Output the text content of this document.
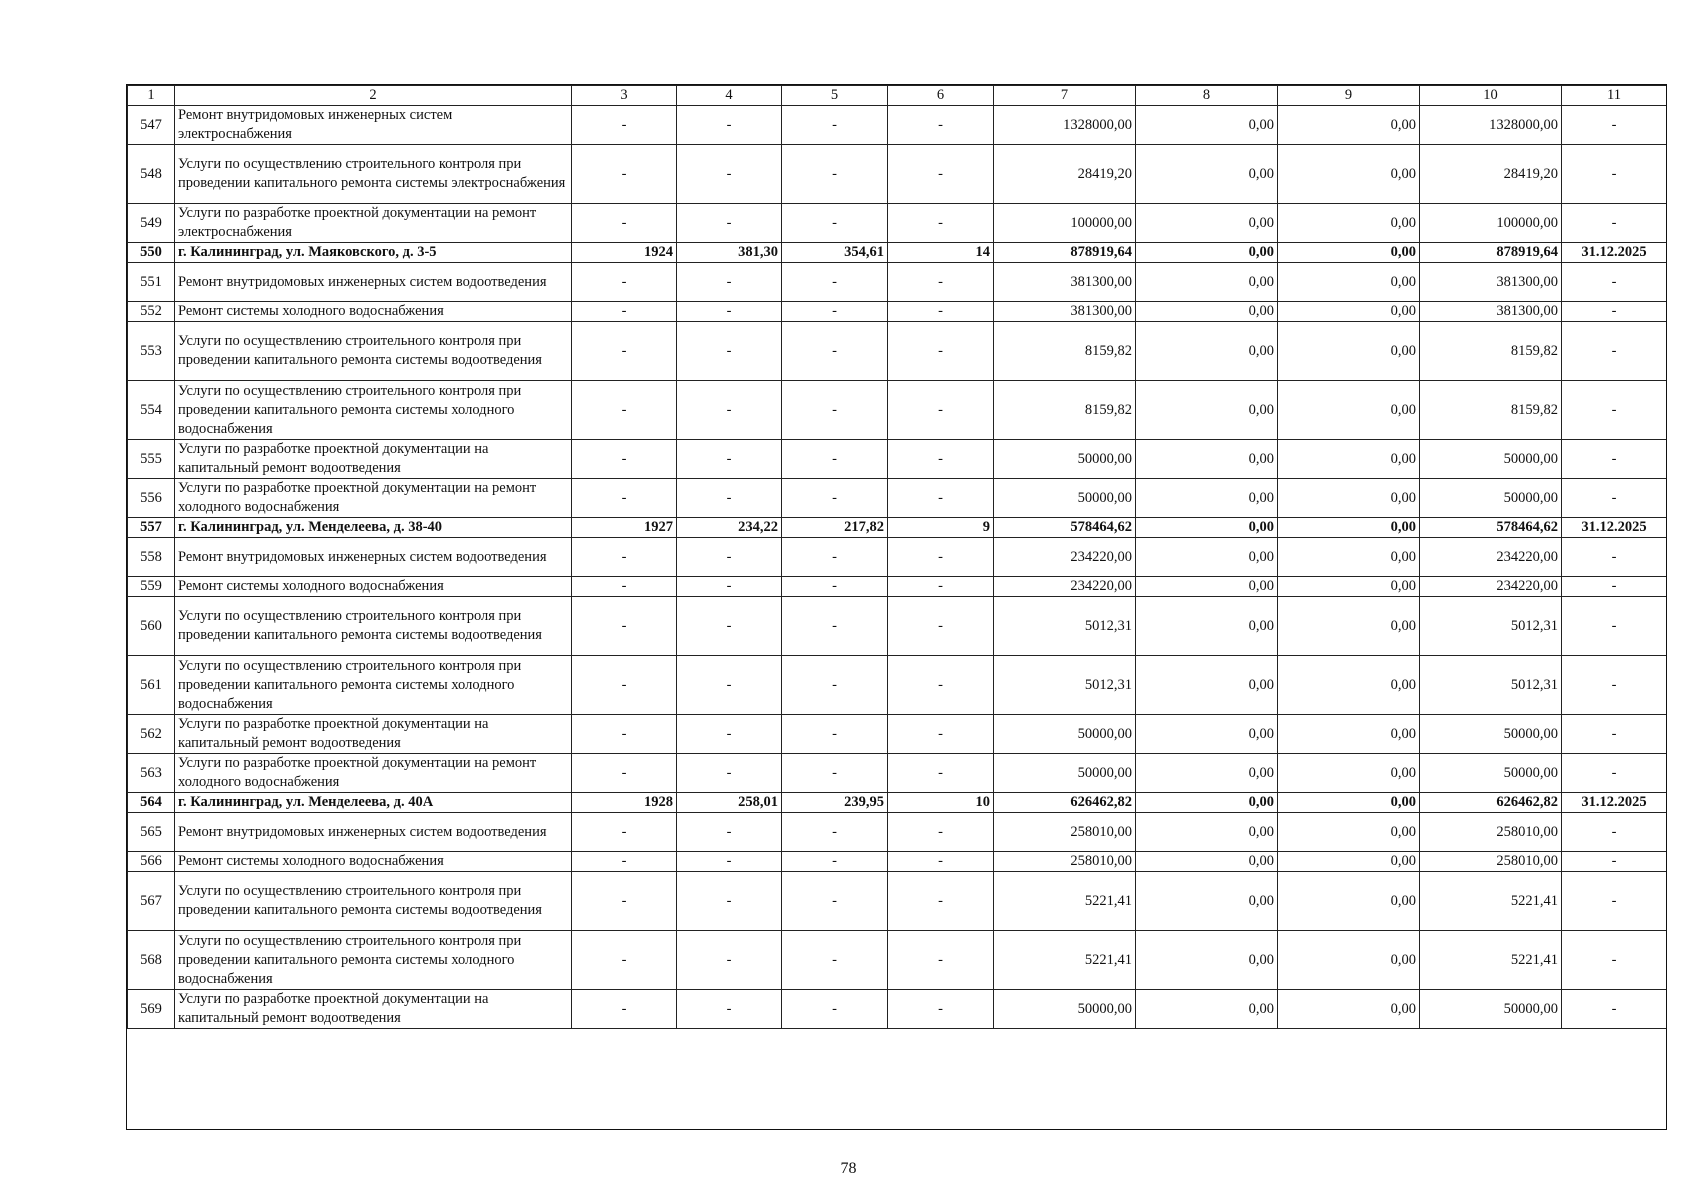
1	2	3	4	5	6	7	8	9	10	11
547	Ремонт внутридомовых инженерных систем электроснабжения	-	-	-	-	1328000,00	0,00	0,00	1328000,00	-
548	Услуги по осуществлению строительного контроля при проведении капитального ремонта системы электроснабжения	-	-	-	-	28419,20	0,00	0,00	28419,20	-
549	Услуги по разработке проектной документации на ремонт электроснабжения	-	-	-	-	100000,00	0,00	0,00	100000,00	-
550	г. Калининград, ул. Маяковского, д. 3-5	1924	381,30	354,61	14	878919,64	0,00	0,00	878919,64	31.12.2025
551	Ремонт внутридомовых инженерных систем водоотведения	-	-	-	-	381300,00	0,00	0,00	381300,00	-
552	Ремонт системы холодного водоснабжения	-	-	-	-	381300,00	0,00	0,00	381300,00	-
553	Услуги по осуществлению строительного контроля при проведении капитального ремонта системы водоотведения	-	-	-	-	8159,82	0,00	0,00	8159,82	-
554	Услуги по осуществлению строительного контроля при проведении капитального ремонта системы холодного водоснабжения	-	-	-	-	8159,82	0,00	0,00	8159,82	-
555	Услуги по разработке проектной документации на капитальный ремонт водоотведения	-	-	-	-	50000,00	0,00	0,00	50000,00	-
556	Услуги по разработке проектной документации на ремонт холодного водоснабжения	-	-	-	-	50000,00	0,00	0,00	50000,00	-
557	г. Калининград, ул. Менделеева, д. 38-40	1927	234,22	217,82	9	578464,62	0,00	0,00	578464,62	31.12.2025
558	Ремонт внутридомовых инженерных систем водоотведения	-	-	-	-	234220,00	0,00	0,00	234220,00	-
559	Ремонт системы холодного водоснабжения	-	-	-	-	234220,00	0,00	0,00	234220,00	-
560	Услуги по осуществлению строительного контроля при проведении капитального ремонта системы водоотведения	-	-	-	-	5012,31	0,00	0,00	5012,31	-
561	Услуги по осуществлению строительного контроля при проведении капитального ремонта системы холодного водоснабжения	-	-	-	-	5012,31	0,00	0,00	5012,31	-
562	Услуги по разработке проектной документации на капитальный ремонт водоотведения	-	-	-	-	50000,00	0,00	0,00	50000,00	-
563	Услуги по разработке проектной документации на ремонт холодного водоснабжения	-	-	-	-	50000,00	0,00	0,00	50000,00	-
564	г. Калининград, ул. Менделеева, д. 40А	1928	258,01	239,95	10	626462,82	0,00	0,00	626462,82	31.12.2025
565	Ремонт внутридомовых инженерных систем водоотведения	-	-	-	-	258010,00	0,00	0,00	258010,00	-
566	Ремонт системы холодного водоснабжения	-	-	-	-	258010,00	0,00	0,00	258010,00	-
567	Услуги по осуществлению строительного контроля при проведении капитального ремонта системы водоотведения	-	-	-	-	5221,41	0,00	0,00	5221,41	-
568	Услуги по осуществлению строительного контроля при проведении капитального ремонта системы холодного водоснабжения	-	-	-	-	5221,41	0,00	0,00	5221,41	-
569	Услуги по разработке проектной документации на капитальный ремонт водоотведения	-	-	-	-	50000,00	0,00	0,00	50000,00	-
78
